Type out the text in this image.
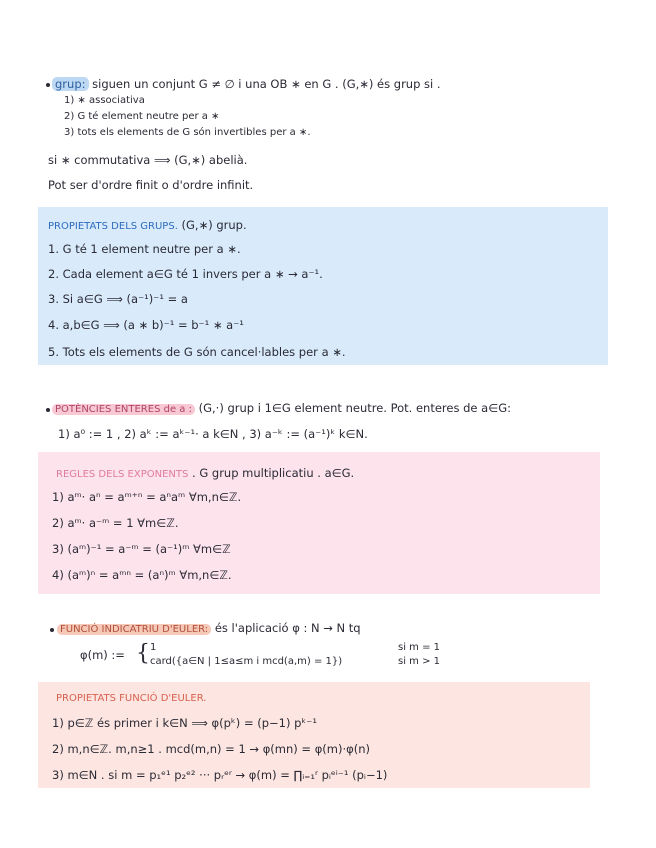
grup: siguen un conjunt G ≠ ∅ i una OB ∗ en G . (G,∗) és grup si .
1) ∗ associativa
2) G té element neutre per a ∗
3) tots els elements de G són invertibles per a ∗.
si ∗ commutativa ⟹ (G,∗) abelià.
Pot ser d'ordre finit o d'ordre infinit.
PROPIETATS DELS GRUPS. (G,∗) grup.
1. G té 1 element neutre per a ∗.
2. Cada element a∈G té 1 invers per a ∗ → a⁻¹.
3. Si a∈G ⟹ (a⁻¹)⁻¹ = a
4. a,b∈G ⟹ (a ∗ b)⁻¹ = b⁻¹ ∗ a⁻¹
5. Tots els elements de G són cancel·lables per a ∗.
POTÈNCIES ENTERES de a : (G,·) grup i 1∈G element neutre. Pot. enteres de a∈G:
1) a⁰ := 1 , 2) aᵏ := aᵏ⁻¹· a k∈N , 3) a⁻ᵏ := (a⁻¹)ᵏ k∈N.
REGLES DELS EXPONENTS . G grup multiplicatiu . a∈G.
1) aᵐ· aⁿ = aᵐ⁺ⁿ = aⁿaᵐ ∀m,n∈ℤ.
2) aᵐ· a⁻ᵐ = 1 ∀m∈ℤ.
3) (aᵐ)⁻¹ = a⁻ᵐ = (a⁻¹)ᵐ ∀m∈ℤ
4) (aᵐ)ⁿ = aᵐⁿ = (aⁿ)ᵐ ∀m,n∈ℤ.
FUNCIÓ INDICATRIU D'EULER: és l'aplicació φ : N → N tq
φ(m) := { 1
card({a∈N | 1≤a≤m i mcd(a,m) = 1})
si m = 1
si m > 1
PROPIETATS FUNCIÓ D'EULER.
1) p∈ℤ és primer i k∈N ⟹ φ(pᵏ) = (p−1) pᵏ⁻¹
2) m,n∈ℤ. m,n≥1 . mcd(m,n) = 1 → φ(mn) = φ(m)·φ(n)
3) m∈N . si m = p₁ᵉ¹ p₂ᵉ² ··· pᵣᵉʳ → φ(m) = ∏ᵢ₌₁ʳ pᵢᵉⁱ⁻¹ (pᵢ−1)
